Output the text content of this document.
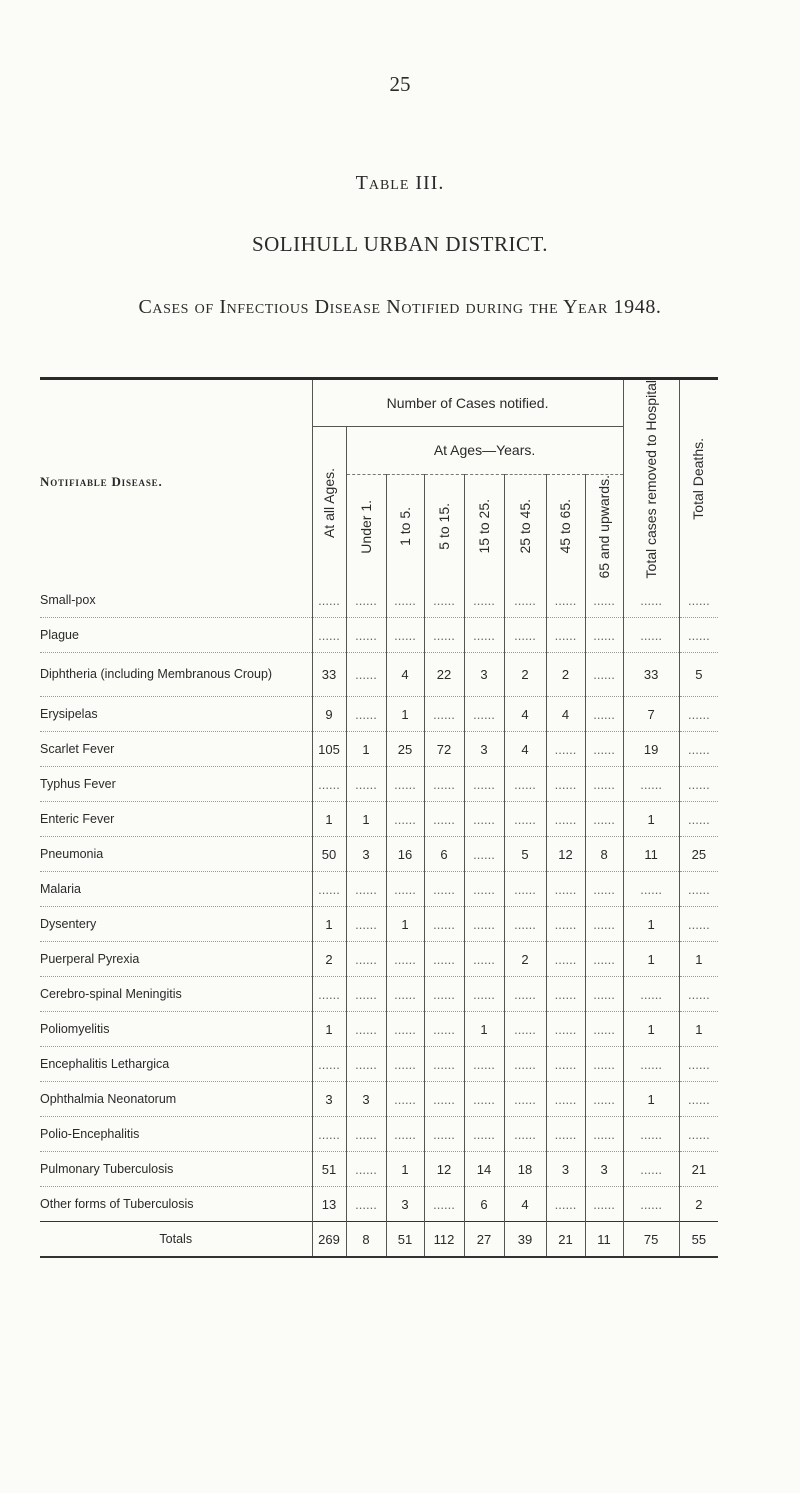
25
Table III.
SOLIHULL URBAN DISTRICT.
Cases of Infectious Disease Notified during the Year 1948.
Notifiable Disease.	Number of Cases notified.								Total cases removed to Hospital	Total Deaths.
	At all Ages.	At Ages—Years.								
		Under 1.	1 to 5.	5 to 15.	15 to 25.	25 to 45.	45 to 65.	65 and upwards.		
Small-pox	......	......	......	......	......	......	......	......	......	......
Plague	......	......	......	......	......	......	......	......	......	......
Diphtheria (including Membranous Croup)	33	......	4	22	3	2	2	......	33	5
Erysipelas	9	......	1	......	......	4	4	......	7	......
Scarlet Fever	105	1	25	72	3	4	......	......	19	......
Typhus Fever	......	......	......	......	......	......	......	......	......	......
Enteric Fever	1	1	......	......	......	......	......	......	1	......
Pneumonia	50	3	16	6	......	5	12	8	11	25
Malaria	......	......	......	......	......	......	......	......	......	......
Dysentery	1	......	1	......	......	......	......	......	1	......
Puerperal Pyrexia	2	......	......	......	......	2	......	......	1	1
Cerebro-spinal Meningitis	......	......	......	......	......	......	......	......	......	......
Poliomyelitis	1	......	......	......	1	......	......	......	1	1
Encephalitis Lethargica	......	......	......	......	......	......	......	......	......	......
Ophthalmia Neonatorum	3	3	......	......	......	......	......	......	1	......
Polio-Encephalitis	......	......	......	......	......	......	......	......	......	......
Pulmonary Tuberculosis	51	......	1	12	14	18	3	3	......	21
Other forms of Tuberculosis	13	......	3	......	6	4	......	......	......	2
Totals	269	8	51	112	27	39	21	11	75	55
